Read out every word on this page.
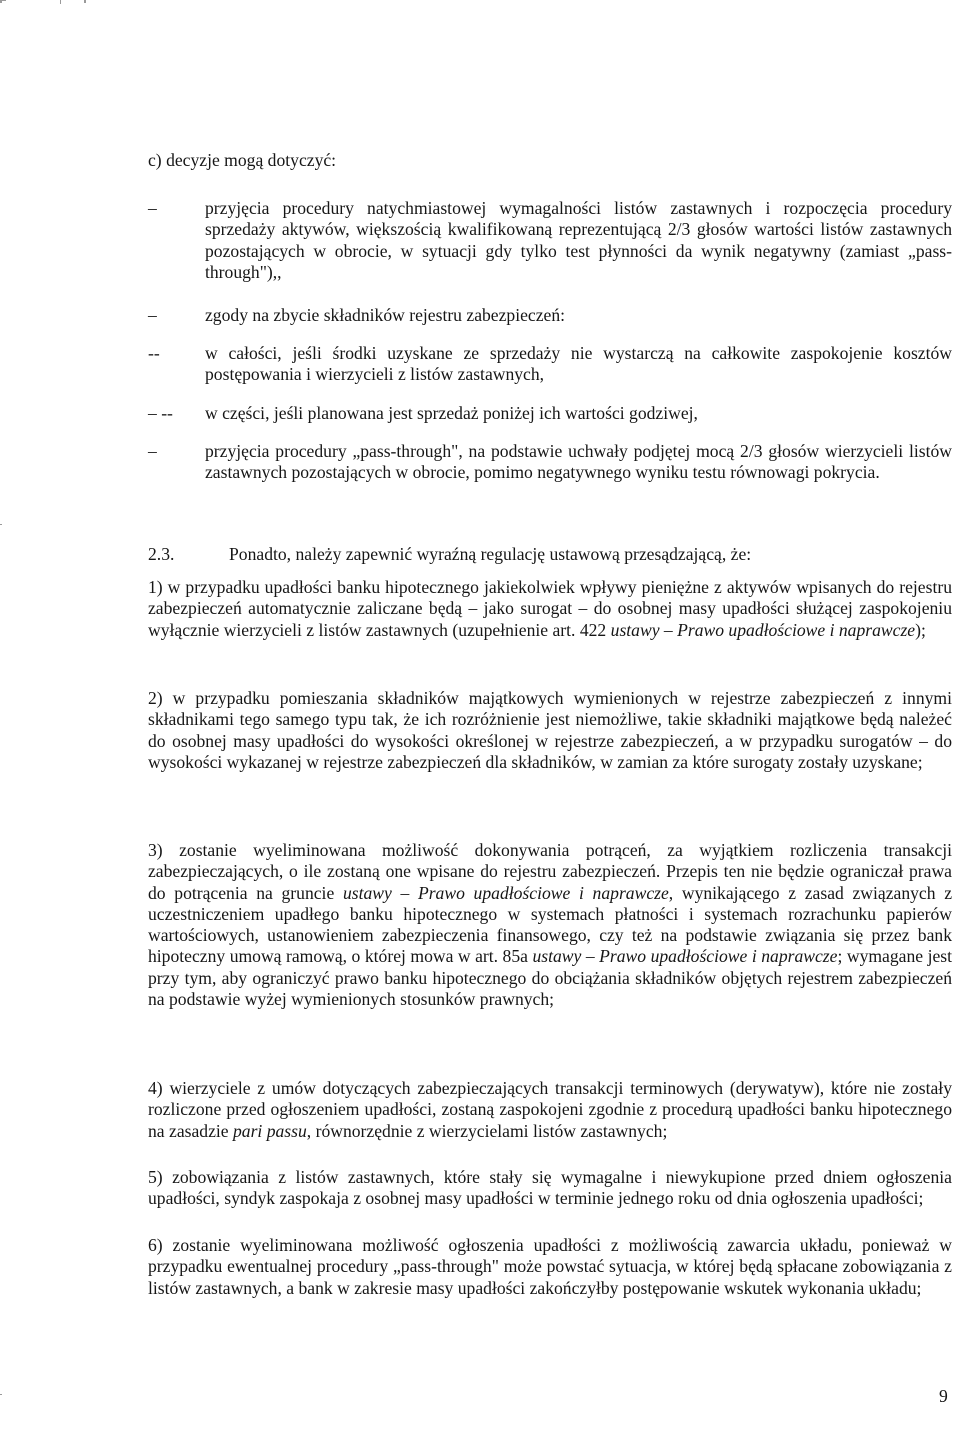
c) decyzje mogą dotyczyć:
–	przyjęcia procedury natychmiastowej wymagalności listów zastawnych i rozpoczęcia procedury sprzedaży aktywów, większością kwalifikowaną reprezentującą 2/3 głosów wartości listów zastawnych pozostających w obrocie, w sytuacji gdy tylko test płynności da wynik negatywny (zamiast „pass-through"),,
–	zgody na zbycie składników rejestru zabezpieczeń:
--	w całości, jeśli środki uzyskane ze sprzedaży nie wystarczą na całkowite zaspokojenie kosztów postępowania i wierzycieli z listów zastawnych,
– --	w części, jeśli planowana jest sprzedaż poniżej ich wartości godziwej,
–	przyjęcia procedury „pass-through", na podstawie uchwały podjętej mocą 2/3 głosów wierzycieli listów zastawnych pozostających w obrocie, pomimo negatywnego wyniku testu równowagi pokrycia.
2.3.	Ponadto, należy zapewnić wyraźną regulację ustawową przesądzającą, że:
1) w przypadku upadłości banku hipotecznego jakiekolwiek wpływy pieniężne z aktywów wpisanych do rejestru zabezpieczeń automatycznie zaliczane będą – jako surogat – do osobnej masy upadłości służącej zaspokojeniu wyłącznie wierzycieli z listów zastawnych (uzupełnienie art. 422 ustawy – Prawo upadłościowe i naprawcze);
2) w przypadku pomieszania składników majątkowych wymienionych w rejestrze zabezpieczeń z innymi składnikami tego samego typu tak, że ich rozróżnienie jest niemożliwe, takie składniki majątkowe będą należeć do osobnej masy upadłości do wysokości określonej w rejestrze zabezpieczeń, a w przypadku surogatów – do wysokości wykazanej w rejestrze zabezpieczeń dla składników, w zamian za które surogaty zostały uzyskane;
3) zostanie wyeliminowana możliwość dokonywania potrąceń, za wyjątkiem rozliczenia transakcji zabezpieczających, o ile zostaną one wpisane do rejestru zabezpieczeń. Przepis ten nie będzie ograniczał prawa do potrącenia na gruncie ustawy – Prawo upadłościowe i naprawcze, wynikającego z zasad związanych z uczestniczeniem upadłego banku hipotecznego w systemach płatności i systemach rozrachunku papierów wartościowych, ustanowieniem zabezpieczenia finansowego, czy też na podstawie związania się przez bank hipoteczny umową ramową, o której mowa w art. 85a ustawy – Prawo upadłościowe i naprawcze; wymagane jest przy tym, aby ograniczyć prawo banku hipotecznego do obciążania składników objętych rejestrem zabezpieczeń na podstawie wyżej wymienionych stosunków prawnych;
4) wierzyciele z umów dotyczących zabezpieczających transakcji terminowych (derywatyw), które nie zostały rozliczone przed ogłoszeniem upadłości, zostaną zaspokojeni zgodnie z procedurą upadłości banku hipotecznego na zasadzie pari passu, równorzędnie z wierzycielami listów zastawnych;
5) zobowiązania z listów zastawnych, które stały się wymagalne i niewykupione przed dniem ogłoszenia upadłości, syndyk zaspokaja z osobnej masy upadłości w terminie jednego roku od dnia ogłoszenia upadłości;
6) zostanie wyeliminowana możliwość ogłoszenia upadłości z możliwością zawarcia układu, ponieważ w przypadku ewentualnej procedury „pass-through" może powstać sytuacja, w której będą spłacane zobowiązania z listów zastawnych, a bank w zakresie masy upadłości zakończyłby postępowanie wskutek wykonania układu;
9
